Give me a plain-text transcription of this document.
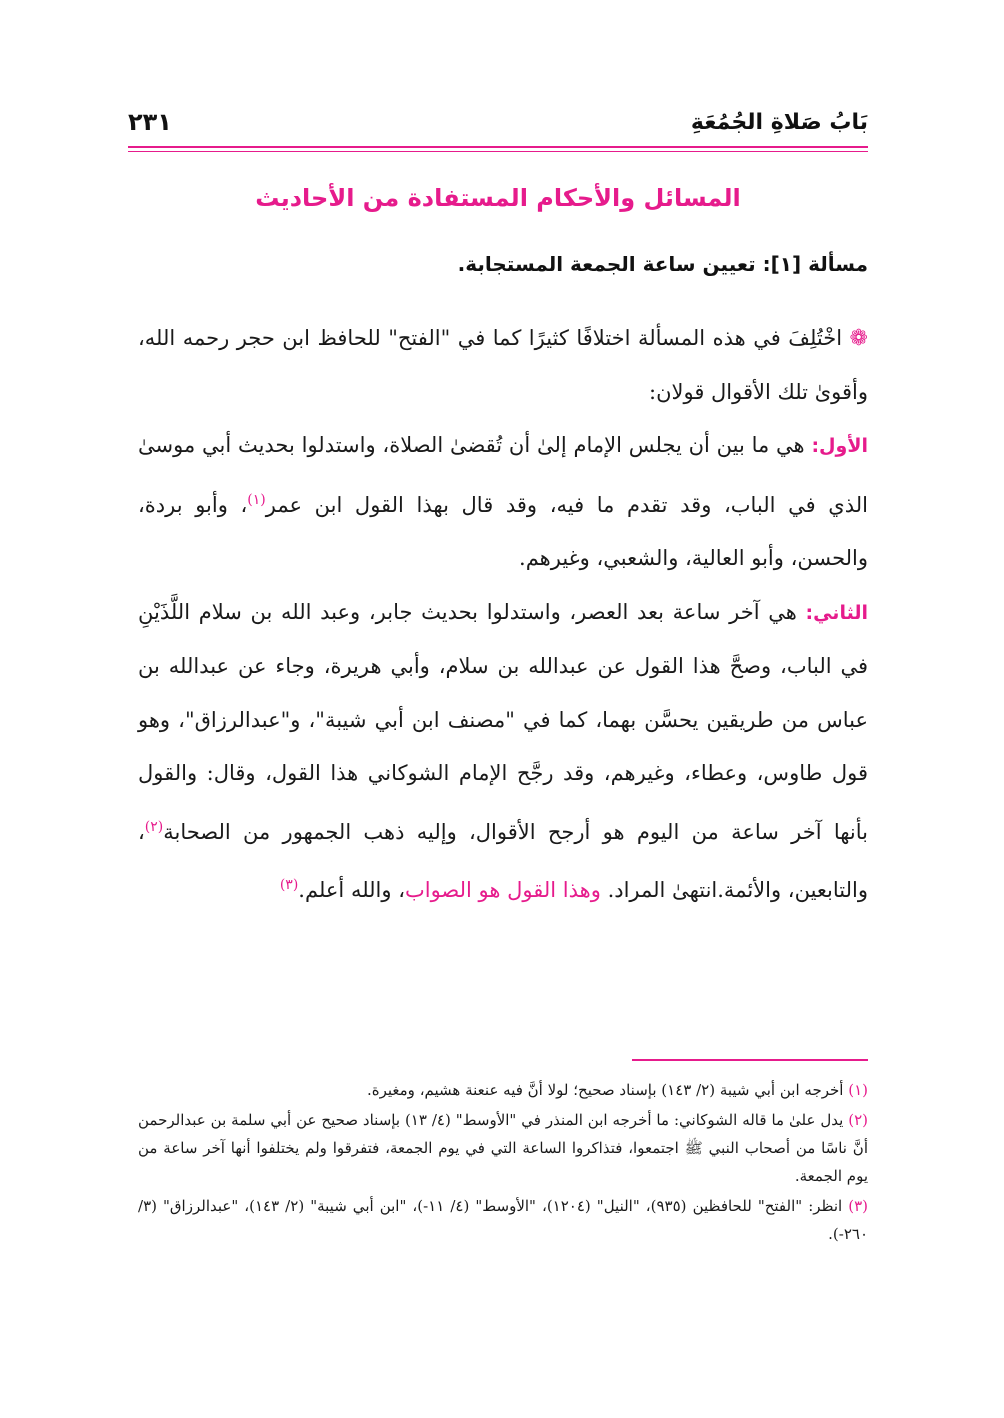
بَابُ صَلاةِ الجُمُعَةِ
٢٣١
المسائل والأحكام المستفادة من الأحاديث
مسألة [١]: تعيين ساعة الجمعة المستجابة.

❁ اخْتُلِفَ في هذه المسألة اختلافًا كثيرًا كما في "الفتح" للحافظ ابن حجر رحمه الله، وأقوىٰ تلك الأقوال قولان:

الأول: هي ما بين أن يجلس الإمام إلىٰ أن تُقضىٰ الصلاة، واستدلوا بحديث أبي موسىٰ الذي في الباب، وقد تقدم ما فيه، وقد قال بهذا القول ابن عمر$^{(١)}$، وأبو بردة، والحسن، وأبو العالية، والشعبي، وغيرهم.

الثاني: هي آخر ساعة بعد العصر، واستدلوا بحديث جابر، وعبد الله بن سلام اللَّذَيْنِ في الباب، وصحَّ هذا القول عن عبدالله بن سلام، وأبي هريرة، وجاء عن عبدالله بن عباس من طريقين يحسَّن بهما، كما في "مصنف ابن أبي شيبة"، و"عبدالرزاق"، وهو قول طاوس، وعطاء، وغيرهم، وقد رجَّح الإمام الشوكاني هذا القول، وقال: والقول بأنها آخر ساعة من اليوم هو أرجح الأقوال، وإليه ذهب الجمهور من الصحابة$^{(٢)}$، والتابعين، والأئمة.انتهىٰ المراد. وهذا القول هو الصواب، والله أعلم.$^{(٣)}$

(١) أخرجه ابن أبي شيبة (٢/ ١٤٣) بإسناد صحيح؛ لولا أنَّ فيه عنعنة هشيم، ومغيرة.

(٢) يدل علىٰ ما قاله الشوكاني: ما أخرجه ابن المنذر في "الأوسط" (٤/ ١٣) بإسناد صحيح عن أبي سلمة بن عبدالرحمن أنَّ ناسًا من أصحاب النبي ﷺ اجتمعوا، فتذاكروا الساعة التي في يوم الجمعة، فتفرقوا ولم يختلفوا أنها آخر ساعة من يوم الجمعة.

(٣) انظر: "الفتح" للحافظين (٩٣٥)، "النيل" (١٢٠٤)، "الأوسط" (٤/ ١١-)، "ابن أبي شيبة" (٢/ ١٤٣)، "عبدالرزاق" (٣/ ٢٦٠-).
